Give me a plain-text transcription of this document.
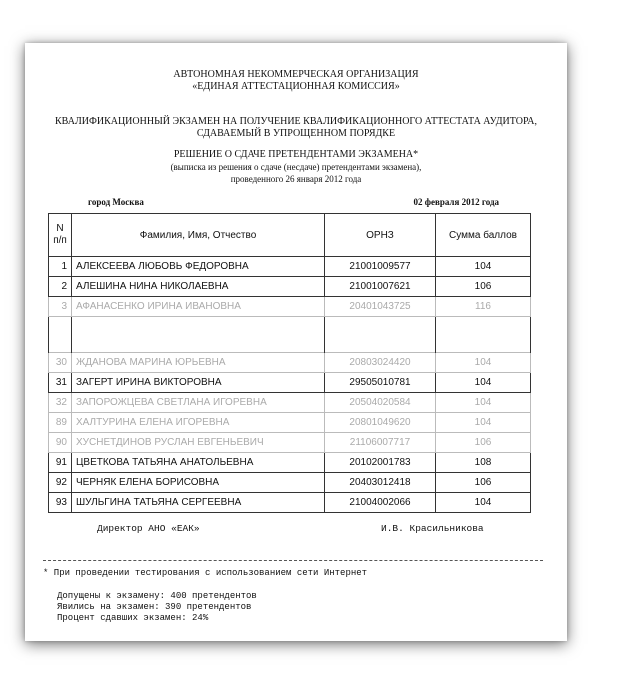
АВТОНОМНАЯ НЕКОММЕРЧЕСКАЯ ОРГАНИЗАЦИЯ
«ЕДИНАЯ АТТЕСТАЦИОННАЯ КОМИССИЯ»
КВАЛИФИКАЦИОННЫЙ ЭКЗАМЕН НА ПОЛУЧЕНИЕ КВАЛИФИКАЦИОННОГО АТТЕСТАТА АУДИТОРА,
СДАВАЕМЫЙ В УПРОЩЕННОМ ПОРЯДКЕ
РЕШЕНИЕ О СДАЧЕ ПРЕТЕНДЕНТАМИ ЭКЗАМЕНА*
(выписка из решения о сдаче (несдаче) претендентами экзамена),
проведенного 26 января 2012 года
город Москва	02 февраля 2012 года
N п/п	Фамилия, Имя, Отчество	ОРНЗ	Сумма баллов
1	АЛЕКСЕЕВА ЛЮБОВЬ ФЕДОРОВНА	21001009577	104
2	АЛЕШИНА НИНА НИКОЛАЕВНА	21001007621	106
3	АФАНАСЕНКО ИРИНА ИВАНОВНА	20401043725	116

30	ЖДАНОВА МАРИНА ЮРЬЕВНА	20803024420	104
31	ЗАГЕРТ ИРИНА ВИКТОРОВНА	29505010781	104
32	ЗАПОРОЖЦЕВА СВЕТЛАНА ИГОРЕВНА	20504020584	104
89	ХАЛТУРИНА ЕЛЕНА ИГОРЕВНА	20801049620	104
90	ХУСНЕТДИНОВ РУСЛАН ЕВГЕНЬЕВИЧ	21106007717	106
91	ЦВЕТКОВА ТАТЬЯНА АНАТОЛЬЕВНА	20102001783	108
92	ЧЕРНЯК ЕЛЕНА БОРИСОВНА	20403012418	106
93	ШУЛЬГИНА ТАТЬЯНА СЕРГЕЕВНА	21004002066	104
Директор АНО «ЕАК»	И.В. Красильникова
* При проведении тестирования с использованием сети Интернет
Допущены к экзамену: 400 претендентов
Явились на экзамен: 390 претендентов
Процент сдавших экзамен: 24%
